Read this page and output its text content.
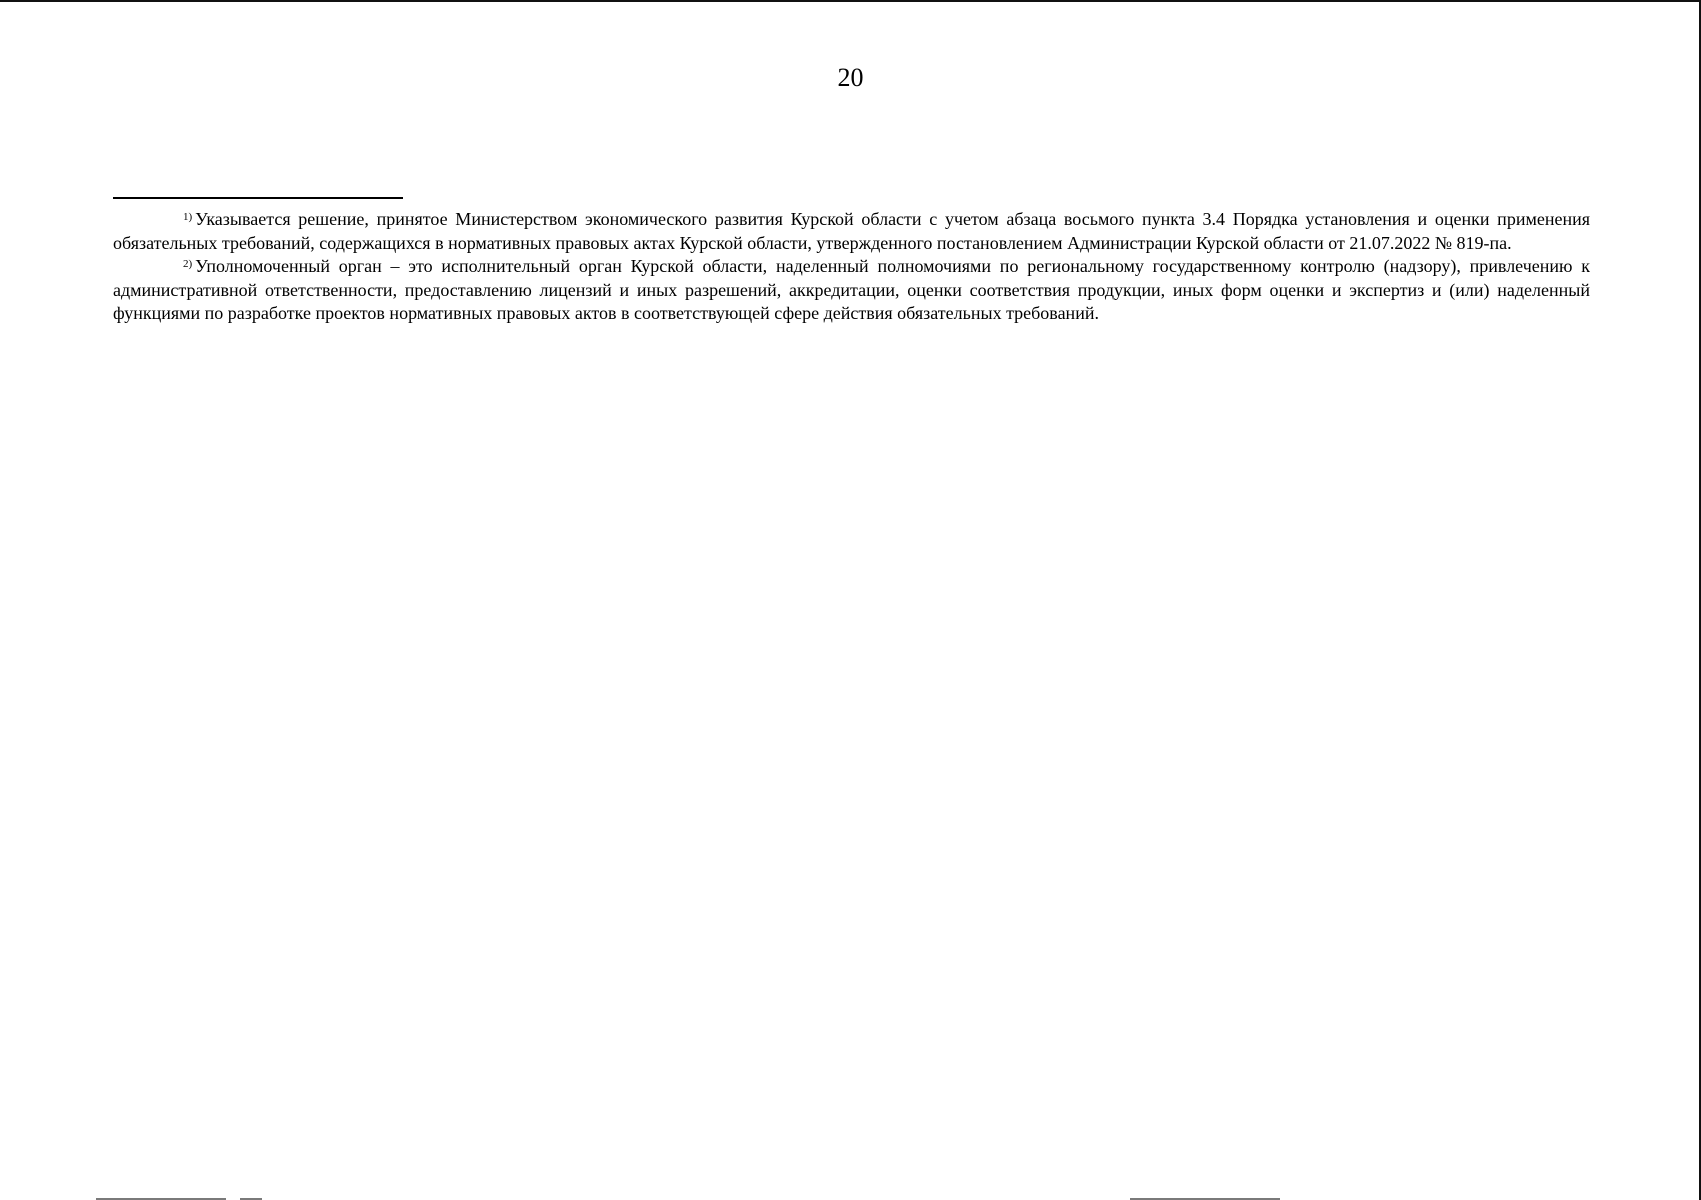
20

$^{1)}$ Указывается решение, принятое Министерством экономического развития Курской области с учетом абзаца восьмого пункта 3.4 Порядка установления и оценки применения обязательных требований, содержащихся в нормативных правовых актах Курской области, утвержденного постановлением Администрации Курской области от 21.07.2022 № 819-па.

$^{2)}$ Уполномоченный орган – это исполнительный орган Курской области, наделенный полномочиями по региональному государственному контролю (надзору), привлечению к административной ответственности, предоставлению лицензий и иных разрешений, аккредитации, оценки соответствия продукции, иных форм оценки и экспертиз и (или) наделенный функциями по разработке проектов нормативных правовых актов в соответствующей сфере действия обязательных требований.
